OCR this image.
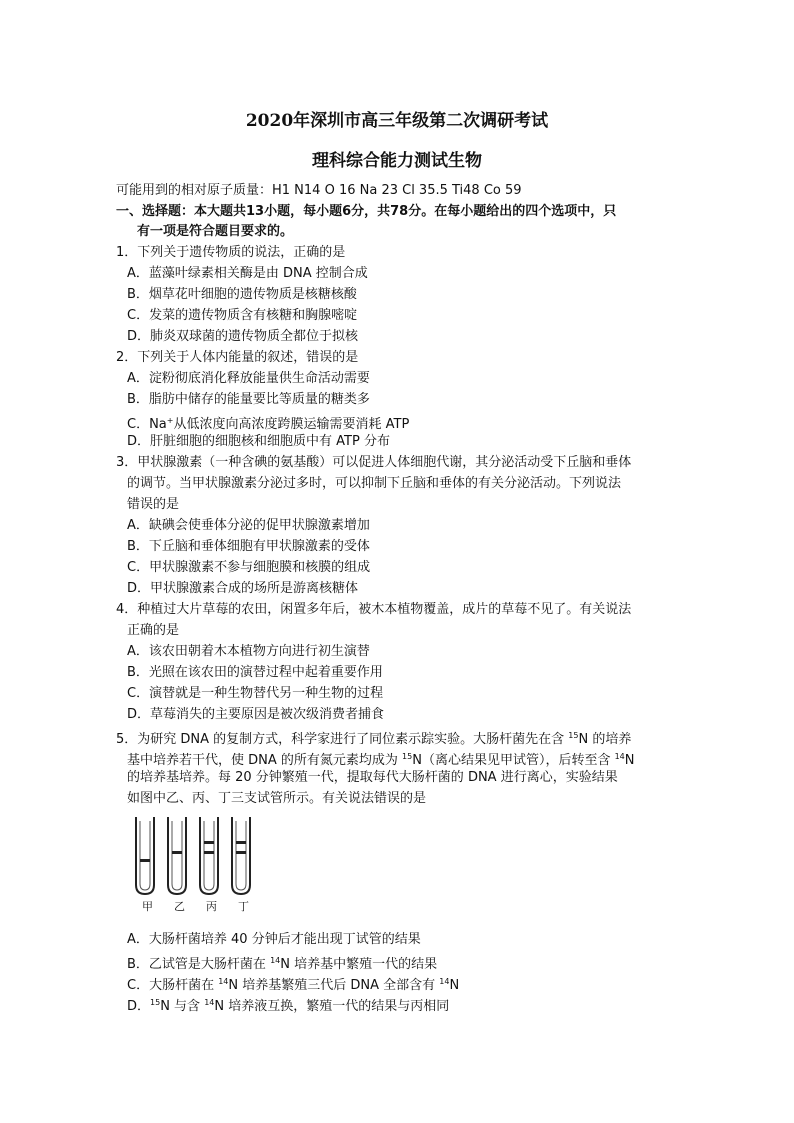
2020年深圳市高三年级第二次调研考试
理科综合能力测试生物
可能用到的相对原子质量：H1 N14 O 16 Na 23 Cl 35.5 Ti48 Co 59
一、选择题：本大题共13小题，每小题6分，共78分。在每小题给出的四个选项中，只
有一项是符合题目要求的。
1．下列关于遗传物质的说法，正确的是
A．蓝藻叶绿素相关酶是由 DNA 控制合成
B．烟草花叶细胞的遗传物质是核糖核酸
C．发菜的遗传物质含有核糖和胸腺嘧啶
D．肺炎双球菌的遗传物质全都位于拟核
2．下列关于人体内能量的叙述，错误的是
A．淀粉彻底消化释放能量供生命活动需要
B．脂肪中储存的能量要比等质量的糖类多
C．Na+从低浓度向高浓度跨膜运输需要消耗 ATP
D．肝脏细胞的细胞核和细胞质中有 ATP 分布
3．甲状腺激素（一种含碘的氨基酸）可以促进人体细胞代谢，其分泌活动受下丘脑和垂体
的调节。当甲状腺激素分泌过多时，可以抑制下丘脑和垂体的有关分泌活动。下列说法
错误的是
A．缺碘会使垂体分泌的促甲状腺激素增加
B．下丘脑和垂体细胞有甲状腺激素的受体
C．甲状腺激素不参与细胞膜和核膜的组成
D．甲状腺激素合成的场所是游离核糖体
4．种植过大片草莓的农田，闲置多年后，被木本植物覆盖，成片的草莓不见了。有关说法
正确的是
A．该农田朝着木本植物方向进行初生演替
B．光照在该农田的演替过程中起着重要作用
C．演替就是一种生物替代另一种生物的过程
D．草莓消失的主要原因是被次级消费者捕食
5．为研究 DNA 的复制方式，科学家进行了同位素示踪实验。大肠杆菌先在含 $^{15}$N 的培养
基中培养若干代，使 DNA 的所有氮元素均成为 $^{15}$N（离心结果见甲试管），后转至含 $^{14}$N
的培养基培养。每 20 分钟繁殖一代，提取每代大肠杆菌的 DNA 进行离心，实验结果
如图中乙、丙、丁三支试管所示。有关说法错误的是
甲 乙 丙 丁
A．大肠杆菌培养 40 分钟后才能出现丁试管的结果
B．乙试管是大肠杆菌在 $^{14}$N 培养基中繁殖一代的结果
C．大肠杆菌在 $^{14}$N 培养基繁殖三代后 DNA 全部含有 $^{14}$N
D．$^{15}$N 与含 $^{14}$N 培养液互换，繁殖一代的结果与丙相同
